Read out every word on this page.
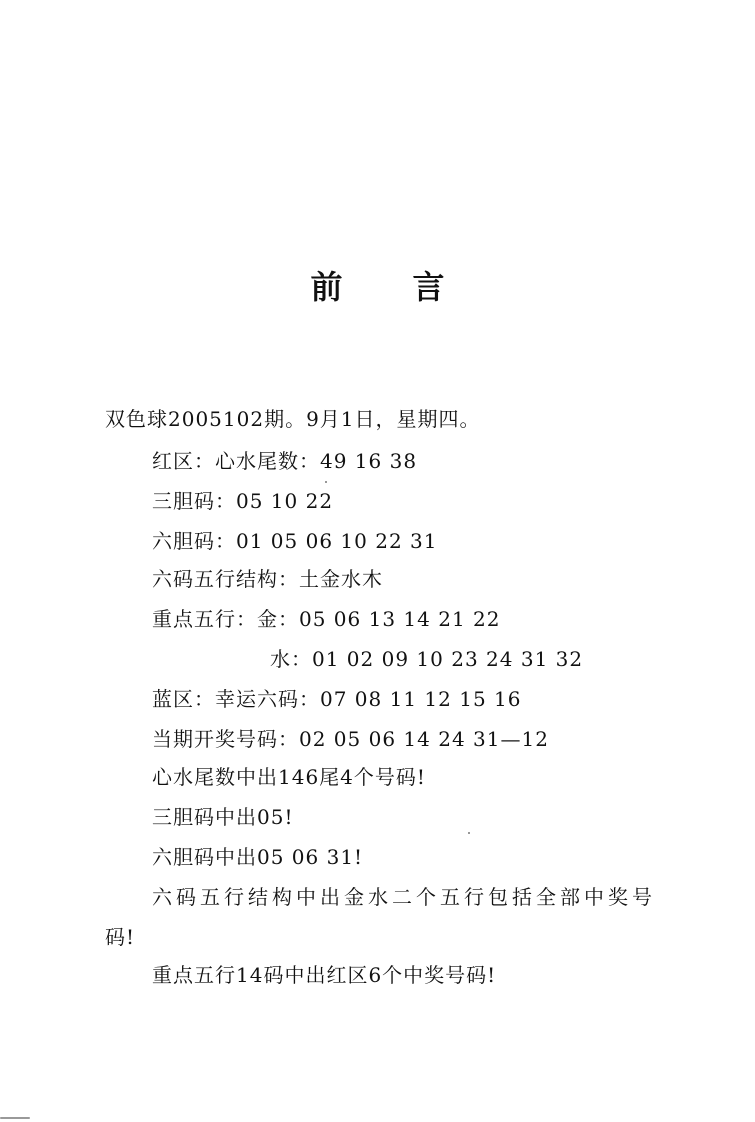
前 言
双色球2005102期。9月1日，星期四。
红区：心水尾数：49 16 38
三胆码：05 10 22
六胆码：01 05 06 10 22 31
六码五行结构：土金水木
重点五行：金：05 06 13 14 21 22
水：01 02 09 10 23 24 31 32
蓝区：幸运六码：07 08 11 12 15 16
当期开奖号码：02 05 06 14 24 31—12
心水尾数中出146尾4个号码!
三胆码中出05!
六胆码中出05 06 31!
六码五行结构中出金水二个五行包括全部中奖号
码!
重点五行14码中出红区6个中奖号码!
